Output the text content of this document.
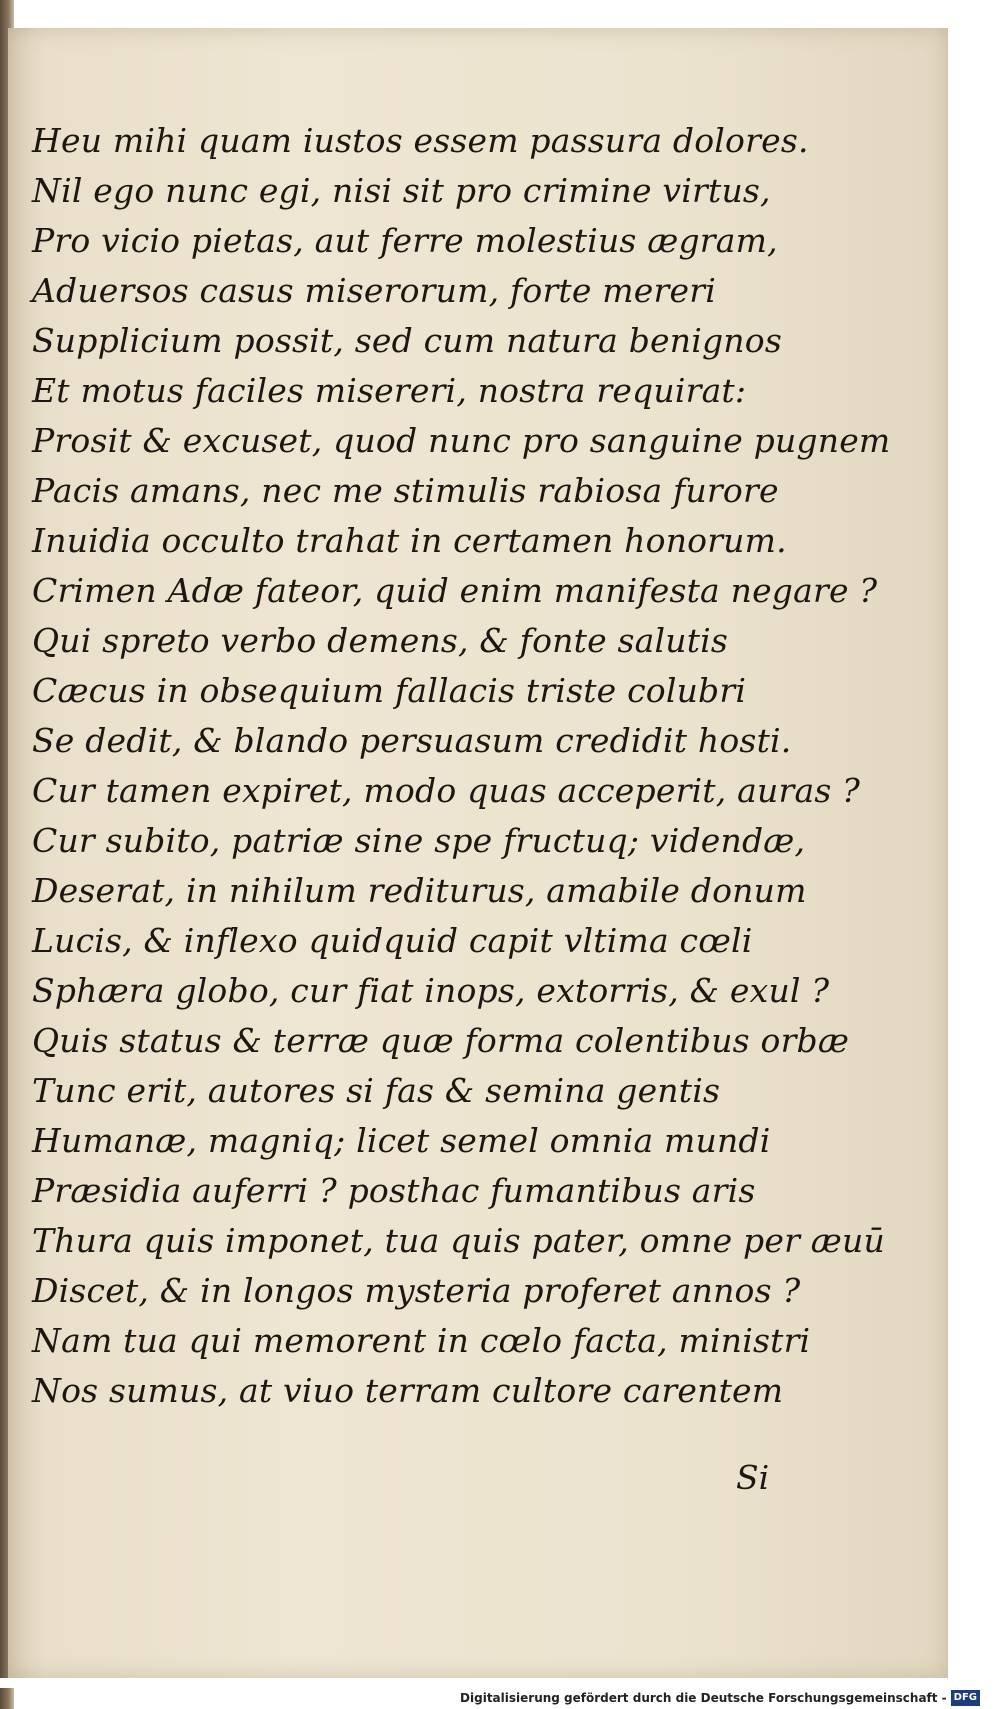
Heu mihi quam iustos essem passura dolores.
Nil ego nunc egi, nisi sit pro crimine virtus,
Pro vicio pietas, aut ferre molestius ægram,
Aduersos casus miserorum, forte mereri
Supplicium possit, sed cum natura benignos
Et motus faciles misereri, nostra requirat:
Prosit & excuset, quod nunc pro sanguine pugnem
Pacis amans, nec me stimulis rabiosa furore
Inuidia occulto trahat in certamen honorum.
Crimen Adæ fateor, quid enim manifesta negare ?
Qui spreto verbo demens, & fonte salutis
Cæcus in obsequium fallacis triste colubri
Se dedit, & blando persuasum credidit hosti.
Cur tamen expiret, modo quas acceperit, auras ?
Cur subito, patriæ sine spe fructuq; videndæ,
Deserat, in nihilum rediturus, amabile donum
Lucis, & inflexo quidquid capit vltima cœli
Sphæra globo, cur fiat inops, extorris, & exul ?
Quis status & terræ quæ forma colentibus orbæ
Tunc erit, autores si fas & semina gentis
Humanæ, magniq; licet semel omnia mundi
Præsidia auferri ? posthac fumantibus aris
Thura quis imponet, tua quis pater, omne per æuū
Discet, & in longos mysteria proferet annos ?
Nam tua qui memorent in cœlo facta, ministri
Nos sumus, at viuo terram cultore carentem
Si
Digitalisierung gefördert durch die Deutsche Forschungsgemeinschaft - DFG
